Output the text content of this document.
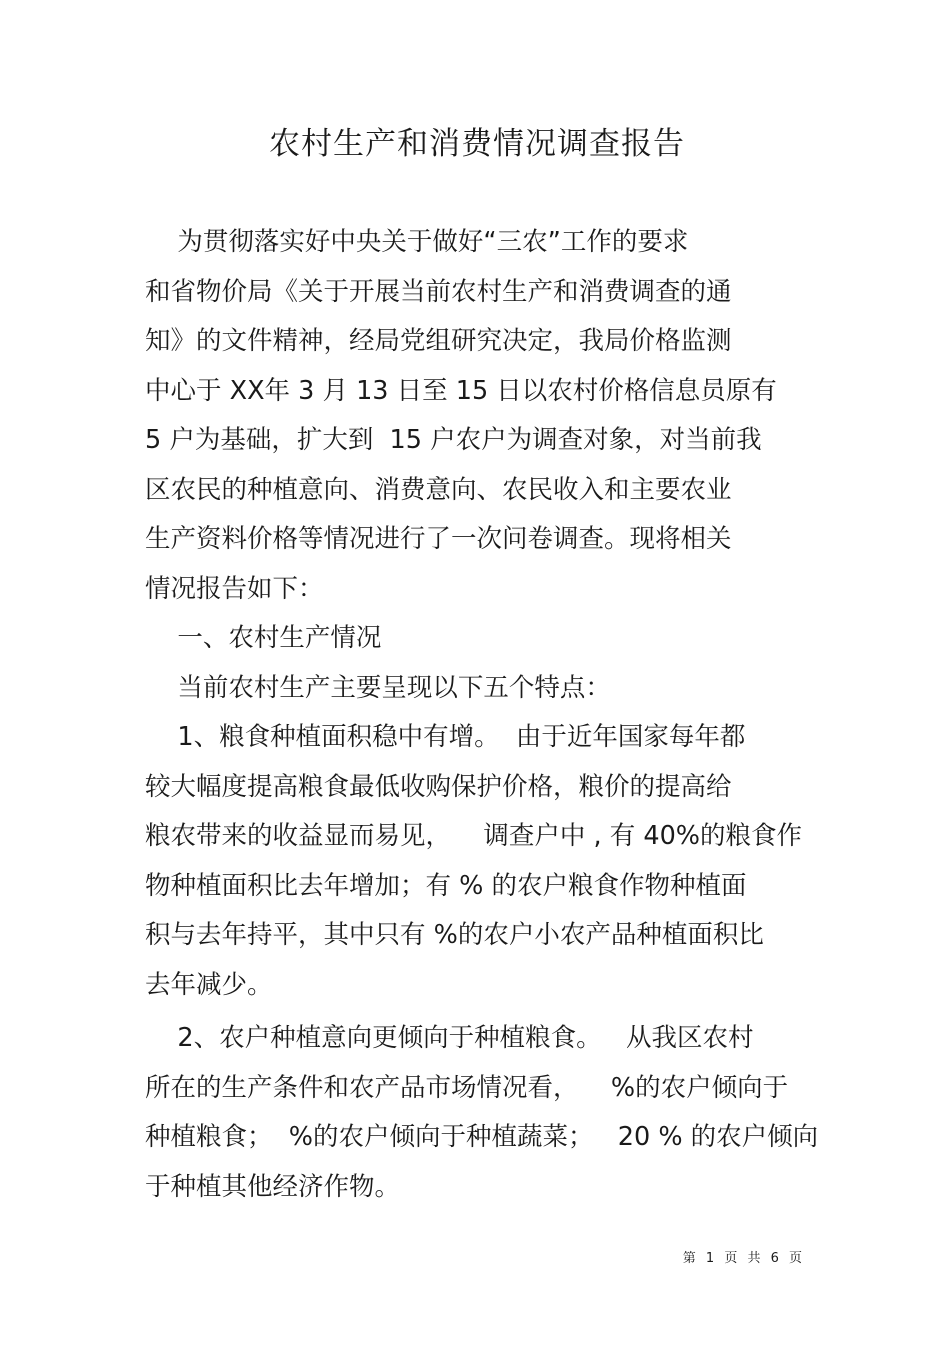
农村生产和消费情况调查报告
为贯彻落实好中央关于做好“三农”工作的要求
和省物价局《关于开展当前农村生产和消费调查的通
知》的文件精神，经局党组研究决定，我局价格监测
中心于 XX年 3 月 13 日至 15 日以农村价格信息员原有
5 户为基础，扩大到  15 户农户为调查对象，对当前我
区农民的种植意向、消费意向、农民收入和主要农业
生产资料价格等情况进行了一次问卷调查。现将相关
情况报告如下：
一、农村生产情况
当前农村生产主要呈现以下五个特点：
1、粮食种植面积稳中有增。  由于近年国家每年都
较大幅度提高粮食最低收购保护价格，粮价的提高给
粮农带来的收益显而易见，    调查户中 , 有 40%的粮食作
物种植面积比去年增加；有 % 的农户粮食作物种植面
积与去年持平，其中只有 %的农户小农产品种植面积比
去年减少。
2、农户种植意向更倾向于种植粮食。   从我区农村
所在的生产条件和农产品市场情况看，    %的农户倾向于
种植粮食；  %的农户倾向于种植蔬菜；   20 % 的农户倾向
于种植其他经济作物。
第 1 页 共 6 页
